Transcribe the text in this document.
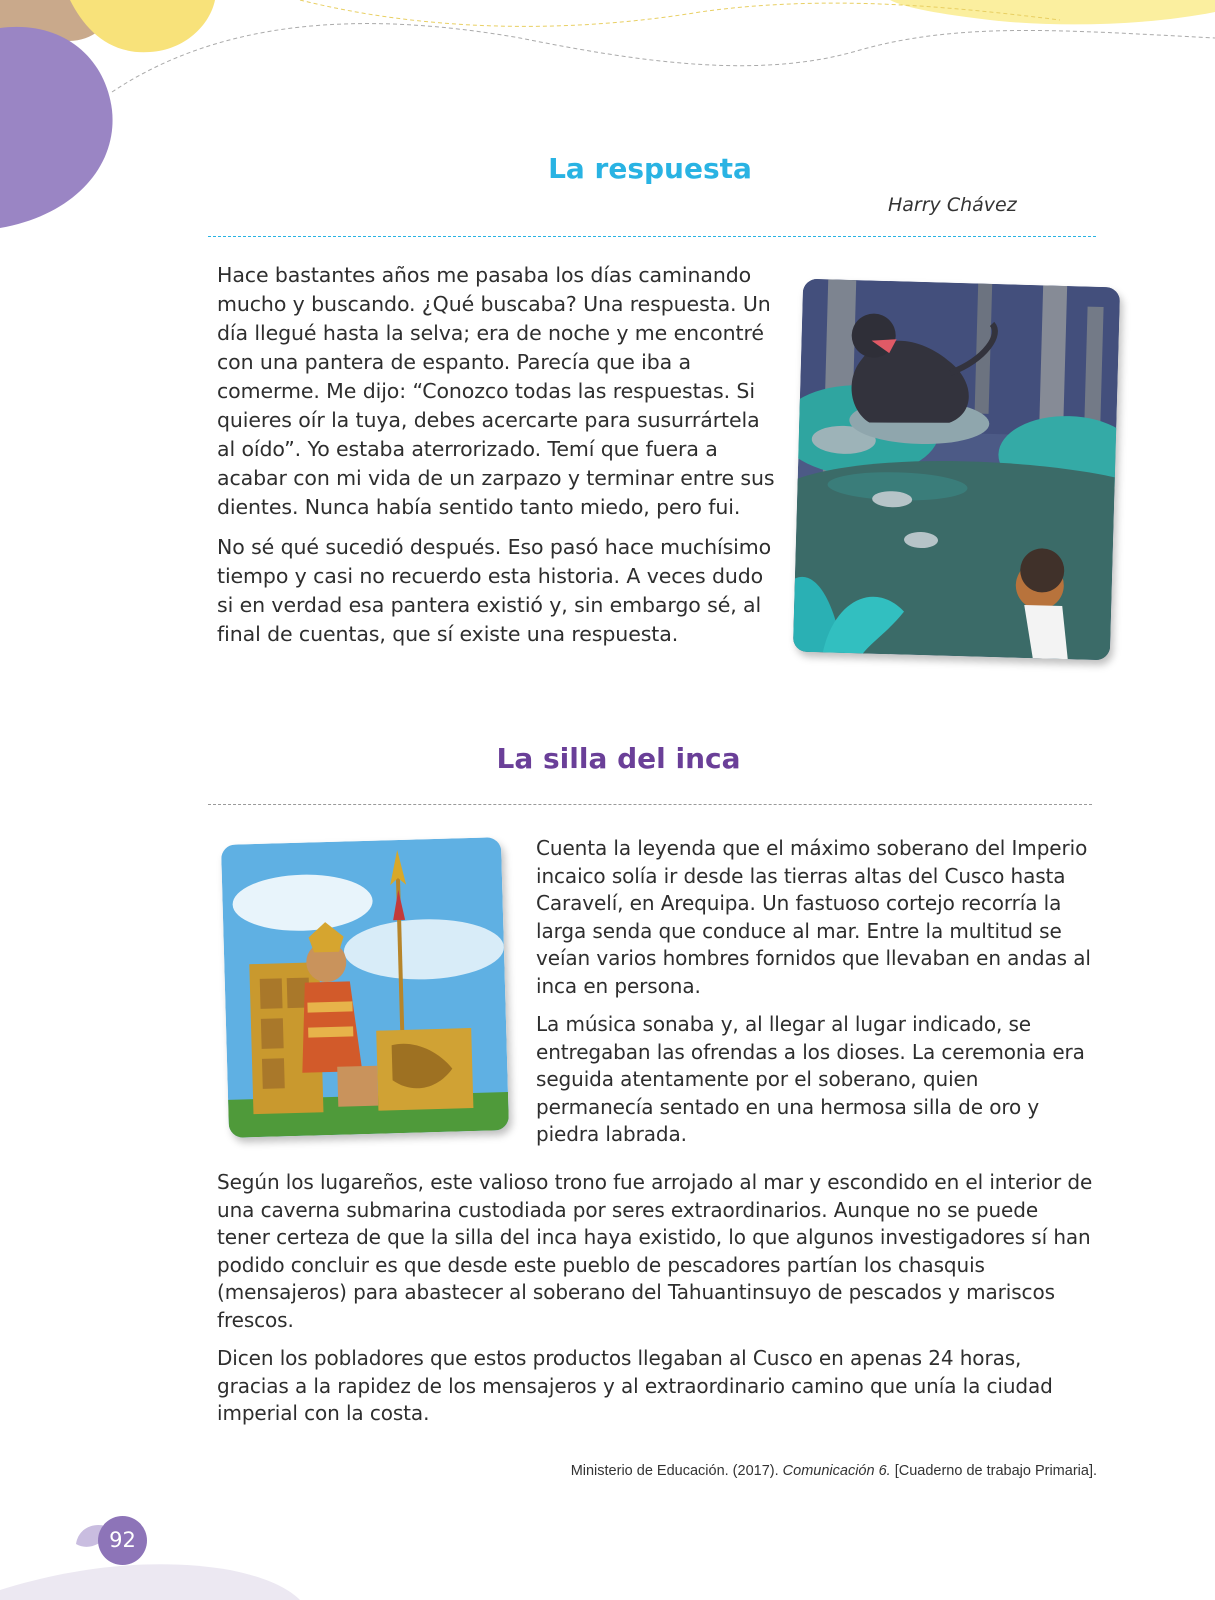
La respuesta
Harry Chávez

Hace bastantes años me pasaba los días caminando mucho y buscando. ¿Qué buscaba? Una respuesta. Un día llegué hasta la selva; era de noche y me encontré con una pantera de espanto. Parecía que iba a comerme. Me dijo: “Conozco todas las respuestas. Si quieres oír la tuya, debes acercarte para susurrártela al oído”. Yo estaba aterrorizado. Temí que fuera a acabar con mi vida de un zarpazo y terminar entre sus dientes. Nunca había sentido tanto miedo, pero fui.

No sé qué sucedió después. Eso pasó hace muchísimo tiempo y casi no recuerdo esta historia. A veces dudo si en verdad esa pantera existió y, sin embargo sé, al final de cuentas, que sí existe una respuesta.

La silla del inca

Cuenta la leyenda que el máximo soberano del Imperio incaico solía ir desde las tierras altas del Cusco hasta Caravelí, en Arequipa. Un fastuoso cortejo recorría la larga senda que conduce al mar. Entre la multitud se veían varios hombres fornidos que llevaban en andas al inca en persona.

La música sonaba y, al llegar al lugar indicado, se entregaban las ofrendas a los dioses. La ceremonia era seguida atentamente por el soberano, quien permanecía sentado en una hermosa silla de oro y piedra labrada.

Según los lugareños, este valioso trono fue arrojado al mar y escondido en el interior de una caverna submarina custodiada por seres extraordinarios. Aunque no se puede tener certeza de que la silla del inca haya existido, lo que algunos investigadores sí han podido concluir es que desde este pueblo de pescadores partían los chasquis (mensajeros) para abastecer al soberano del Tahuantinsuyo de pescados y mariscos frescos.

Dicen los pobladores que estos productos llegaban al Cusco en apenas 24 horas, gracias a la rapidez de los mensajeros y al extraordinario camino que unía la ciudad imperial con la costa.

Ministerio de Educación. (2017). Comunicación 6. [Cuaderno de trabajo Primaria].
92
